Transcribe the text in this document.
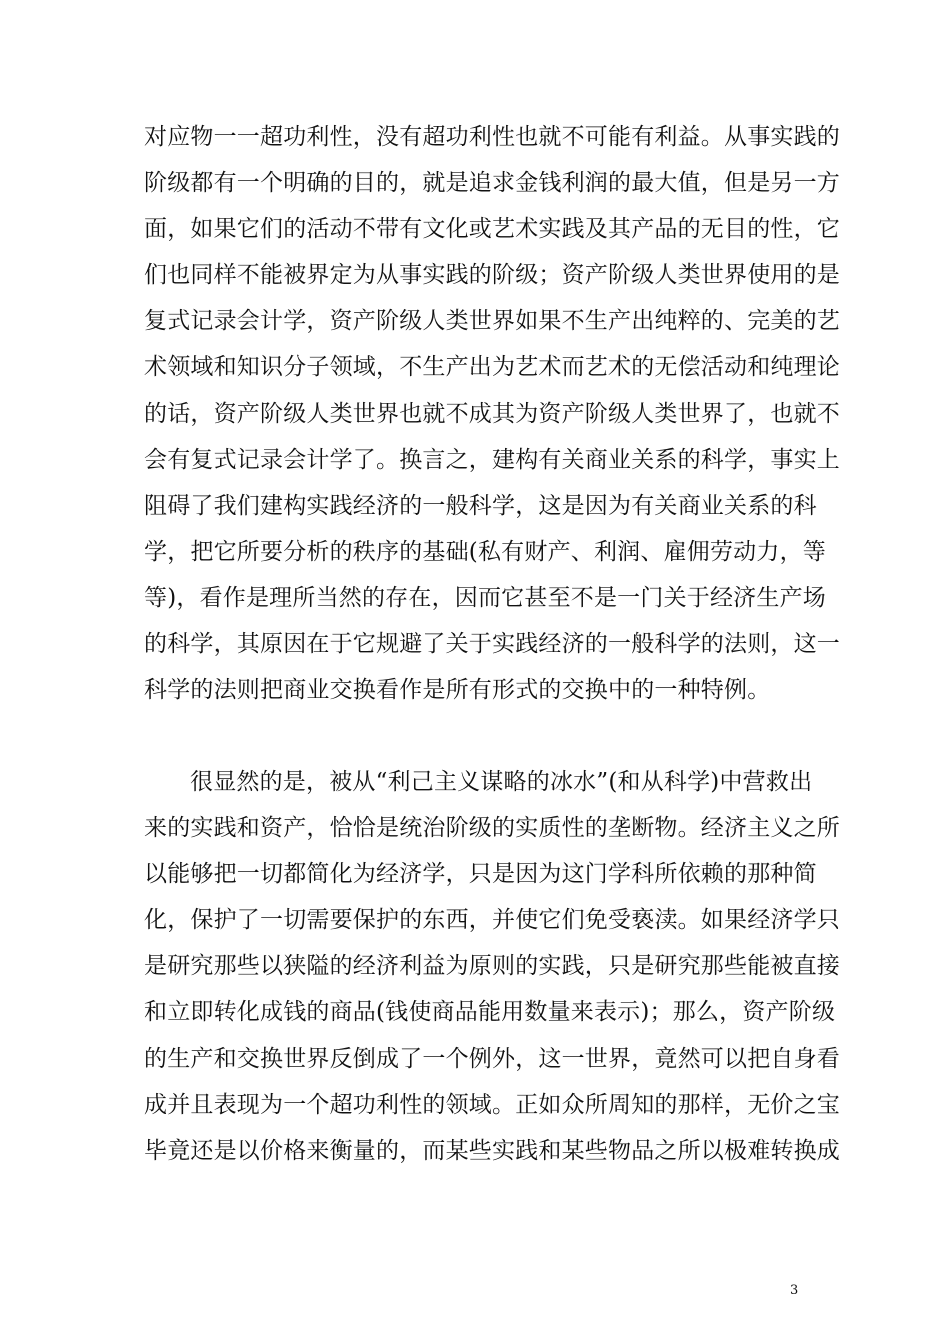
对应物一一超功利性，没有超功利性也就不可能有利益。从事实践的
阶级都有一个明确的目的，就是追求金钱利润的最大值，但是另一方
面，如果它们的活动不带有文化或艺术实践及其产品的无目的性，它
们也同样不能被界定为从事实践的阶级；资产阶级人类世界使用的是
复式记录会计学，资产阶级人类世界如果不生产出纯粹的、完美的艺
术领域和知识分子领域，不生产出为艺术而艺术的无偿活动和纯理论
的话，资产阶级人类世界也就不成其为资产阶级人类世界了，也就不
会有复式记录会计学了。换言之，建构有关商业关系的科学，事实上
阻碍了我们建构实践经济的一般科学，这是因为有关商业关系的科
学，把它所要分析的秩序的基础(私有财产、利润、雇佣劳动力，等
等)，看作是理所当然的存在，因而它甚至不是一门关于经济生产场
的科学，其原因在于它规避了关于实践经济的一般科学的法则，这一
科学的法则把商业交换看作是所有形式的交换中的一种特例。
很显然的是，被从“利己主义谋略的冰水”(和从科学)中营救出
来的实践和资产，恰恰是统治阶级的实质性的垄断物。经济主义之所
以能够把一切都简化为经济学，只是因为这门学科所依赖的那种简
化，保护了一切需要保护的东西，并使它们免受亵渎。如果经济学只
是研究那些以狭隘的经济利益为原则的实践，只是研究那些能被直接
和立即转化成钱的商品(钱使商品能用数量来表示)；那么，资产阶级
的生产和交换世界反倒成了一个例外，这一世界，竟然可以把自身看
成并且表现为一个超功利性的领域。正如众所周知的那样，无价之宝
毕竟还是以价格来衡量的，而某些实践和某些物品之所以极难转换成
3
